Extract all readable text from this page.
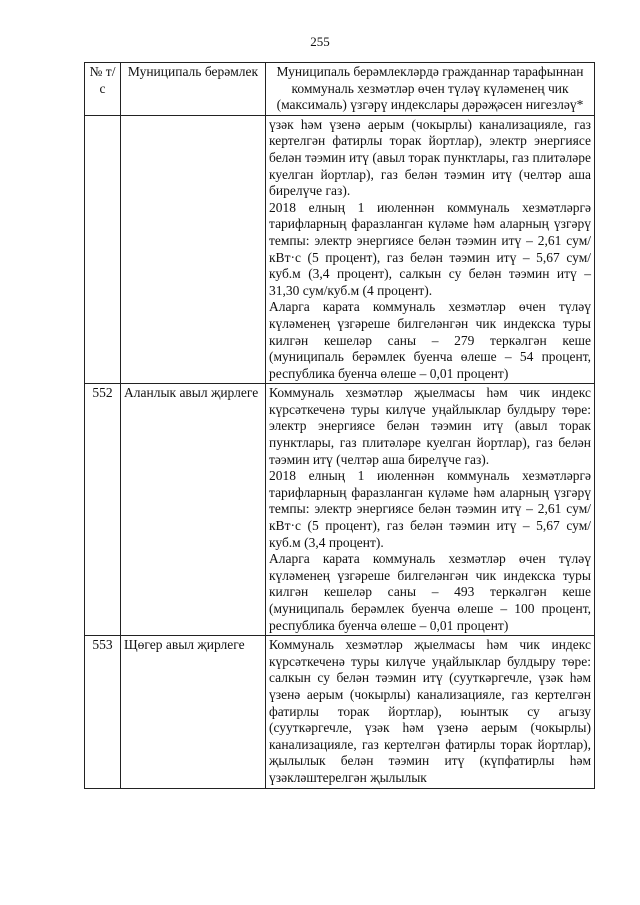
255
№ т/с	Муниципаль берәмлек	Муниципаль берәмлекләрдә гражданнар тарафыннан коммуналь хезмәтләр өчен түләү күләменең чик (максималь) үзгәрү индекслары дәрәҗәсен нигезләү*

		үзәк һәм үзенә аерым (чокырлы) канализацияле, газ кертелгән фатирлы торак йортлар), электр энергиясе белән тәэмин итү (авыл торак пунктлары, газ плитәләре куелган йортлар), газ белән тәэмин итү (челтәр аша бирелүче газ).
2018 елның 1 июленнән коммуналь хезмәтләргә тарифларның фаразланган күләме һәм аларның үзгәрү темпы: электр энергиясе белән тәэмин итү – 2,61 сум/кВт·с (5 процент), газ белән тәэмин итү – 5,67 сум/куб.м (3,4 процент), салкын су белән тәэмин итү – 31,30 сум/куб.м (4 процент).
Аларга карата коммуналь хезмәтләр өчен түләү күләменең үзгәреше билгеләнгән чик индекска туры килгән кешеләр саны – 279 теркәлгән кеше (муниципаль берәмлек буенча өлеше – 54 процент, республика буенча өлеше – 0,01 процент)

552	Аланлык авыл җирлеге	Коммуналь хезмәтләр җыелмасы һәм чик индекс күрсәткеченә туры килүче уңайлыклар булдыру төре: электр энергиясе белән тәэмин итү (авыл торак пунктлары, газ плитәләре куелган йортлар), газ белән тәэмин итү (челтәр аша бирелүче газ).
2018 елның 1 июленнән коммуналь хезмәтләргә тарифларның фаразланган күләме һәм аларның үзгәрү темпы: электр энергиясе белән тәэмин итү – 2,61 сум/кВт·с (5 процент), газ белән тәэмин итү – 5,67 сум/куб.м (3,4 процент).
Аларга карата коммуналь хезмәтләр өчен түләү күләменең үзгәреше билгеләнгән чик индекска туры килгән кешеләр саны – 493 теркәлгән кеше (муниципаль берәмлек буенча өлеше – 100 процент, республика буенча өлеше – 0,01 процент)

553	Щөгер авыл җирлеге	Коммуналь хезмәтләр җыелмасы һәм чик индекс күрсәткеченә туры килүче уңайлыклар булдыру төре: салкын су белән тәэмин итү (сууткәргечле, үзәк һәм үзенә аерым (чокырлы) канализацияле, газ кертелгән фатирлы торак йортлар), юынтык су агызу (сууткәргечле, үзәк һәм үзенә аерым (чокырлы) канализацияле, газ кертелгән фатирлы торак йортлар), җылылык белән тәэмин итү (күпфатирлы һәм үзәкләштерелгән җылылык
